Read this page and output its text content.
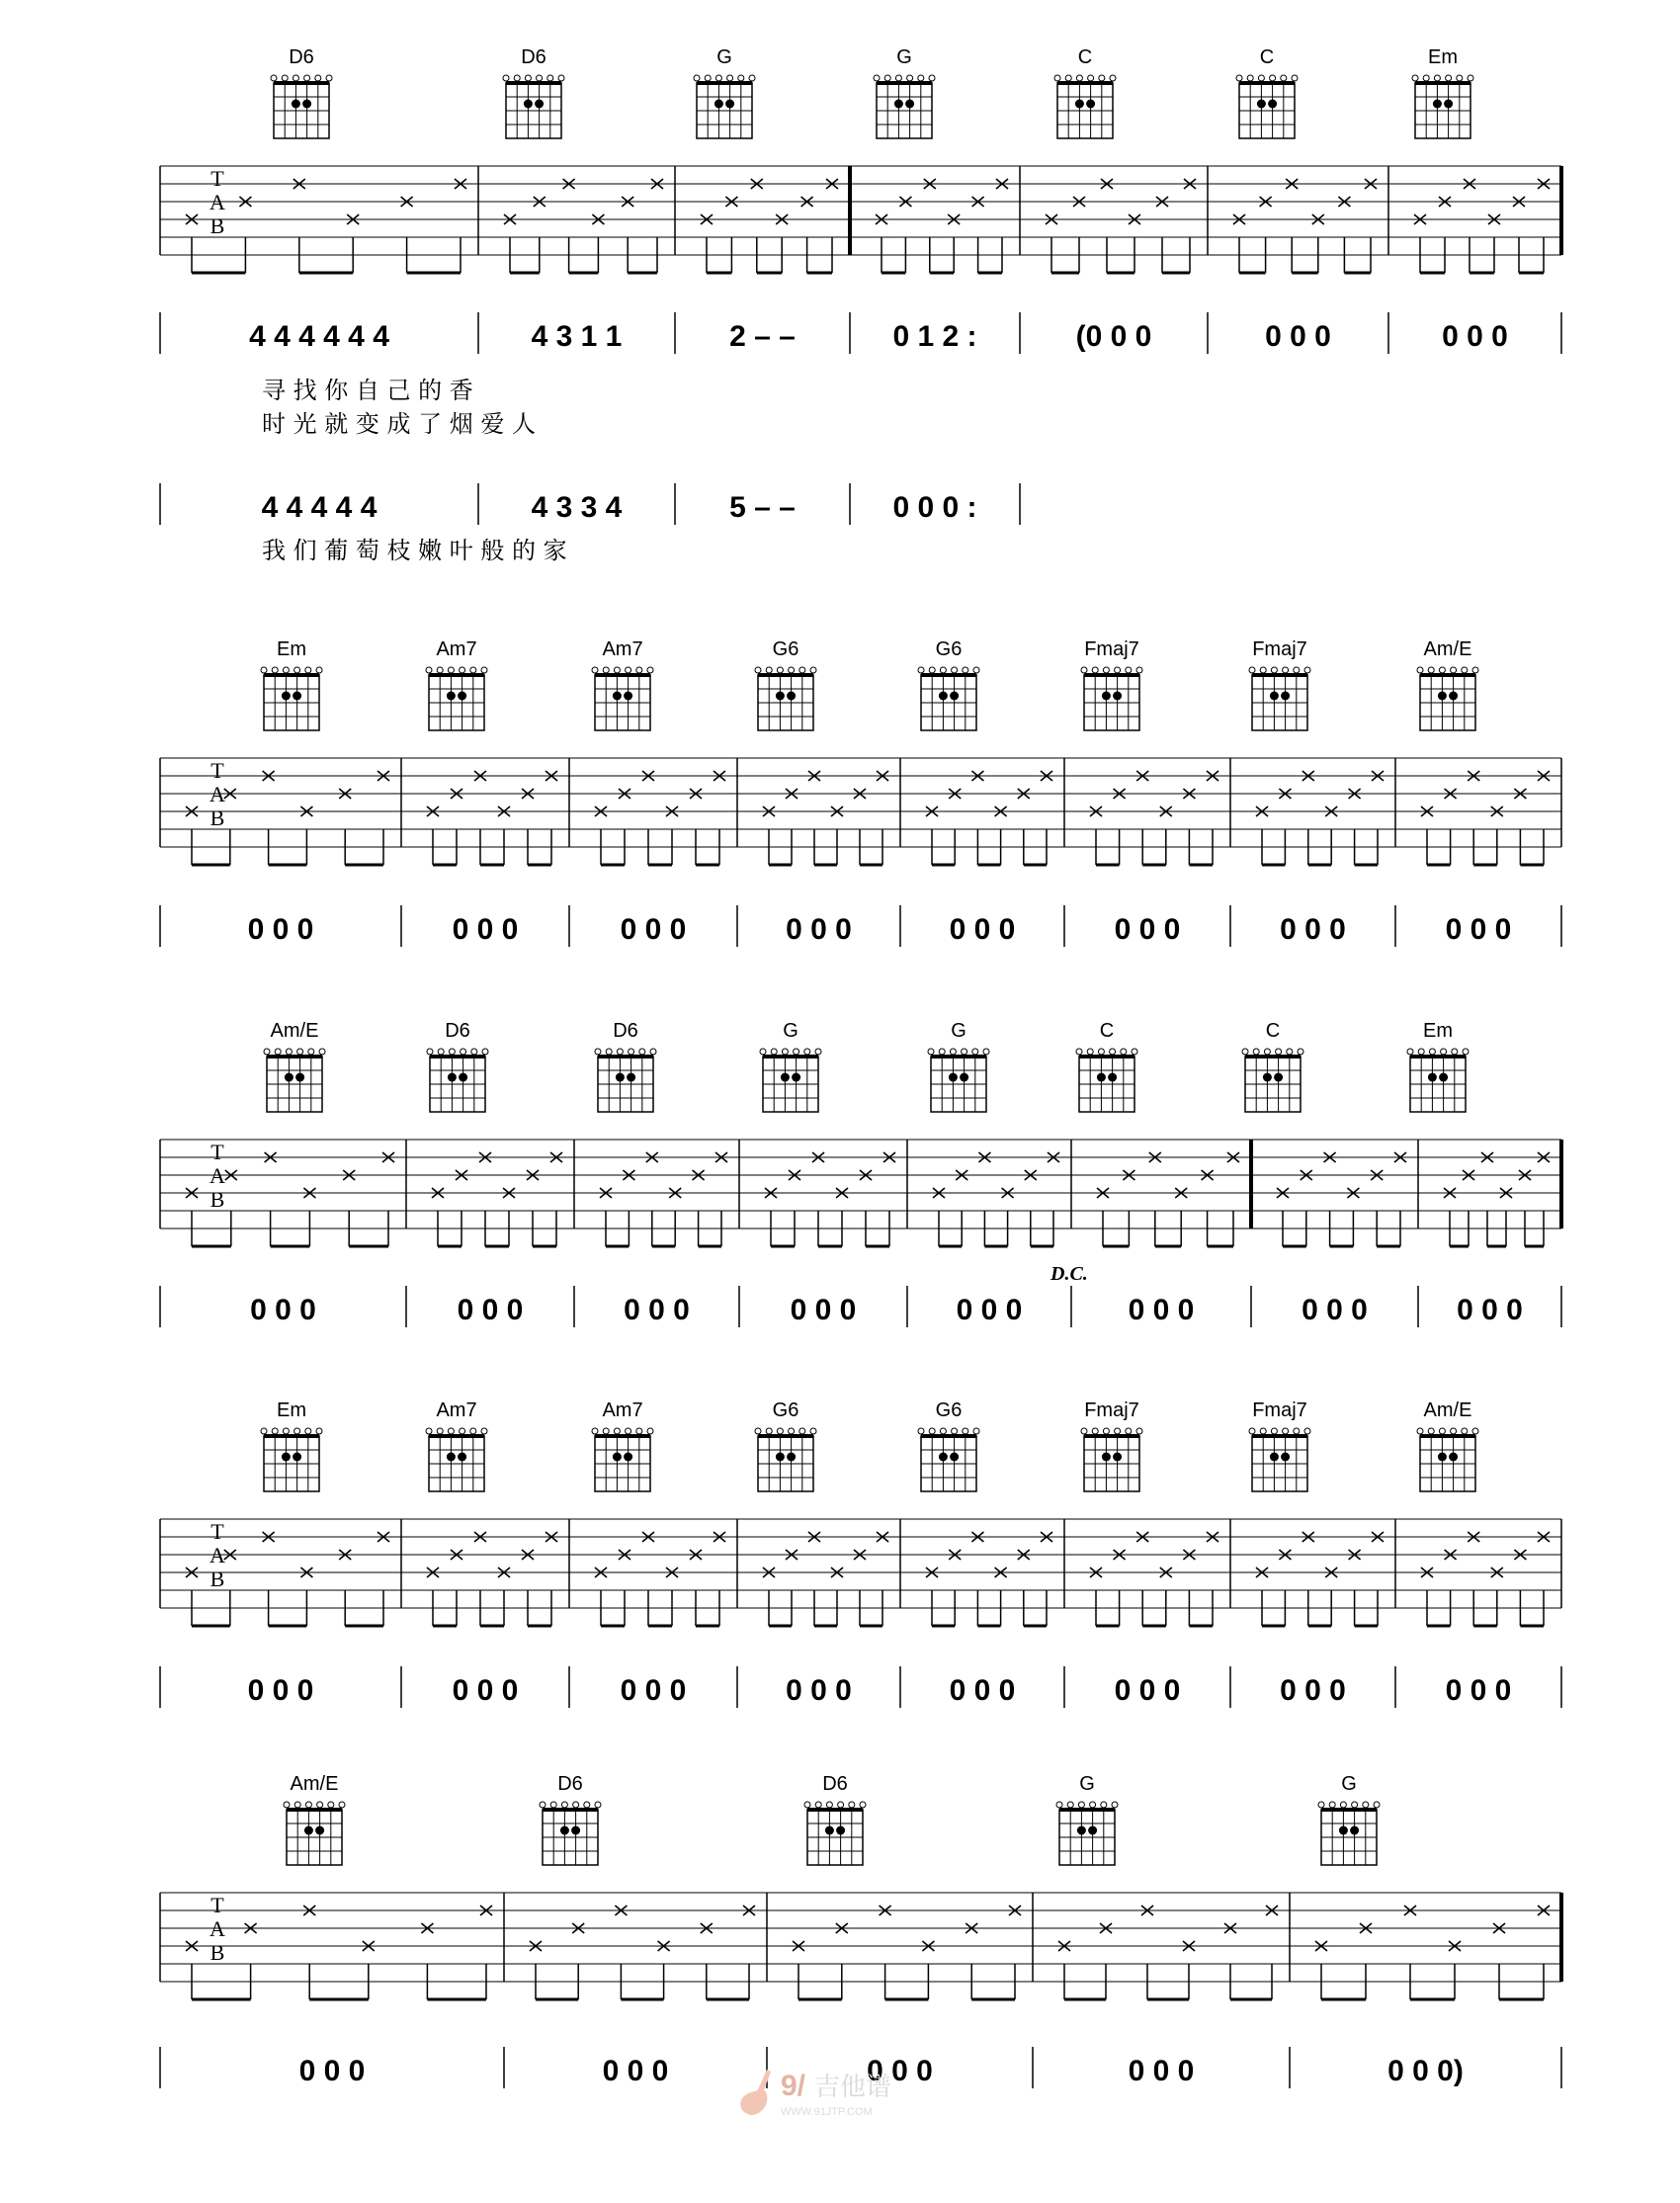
D6	D6	G	G	C	C	Em
T
A
B
4 4 4 4 4 4	4 3 1 1	2 – –	0 1 2 :	(0 0 0	0 0 0	0 0 0
4 4 4 4 4	4 3 3 4	5 – –	0 0 0 :
寻 找 你 自 己 的 香
时 光 就 变 成 了 烟 爱 人
我 们 葡 萄 枝 嫩 叶 般 的 家
Em	Am7	Am7	G6	G6	Fmaj7	Fmaj7	Am/E
T
A
B
0 0 0	0 0 0	0 0 0	0 0 0	0 0 0	0 0 0	0 0 0	0 0 0
Am/E	D6	D6	G	G	C	C	Em
T
A
B
D.C.
0 0 0	0 0 0	0 0 0	0 0 0	0 0 0	0 0 0	0 0 0	0 0 0
Em	Am7	Am7	G6	G6	Fmaj7	Fmaj7	Am/E
T
A
B
0 0 0	0 0 0	0 0 0	0 0 0	0 0 0	0 0 0	0 0 0	0 0 0
Am/E	D6	D6	G	G
T
A
B
0 0 0	0 0 0	0 0 0	0 0 0	0 0 0)
9/ 吉他谱
WWW.91JTP.COM
